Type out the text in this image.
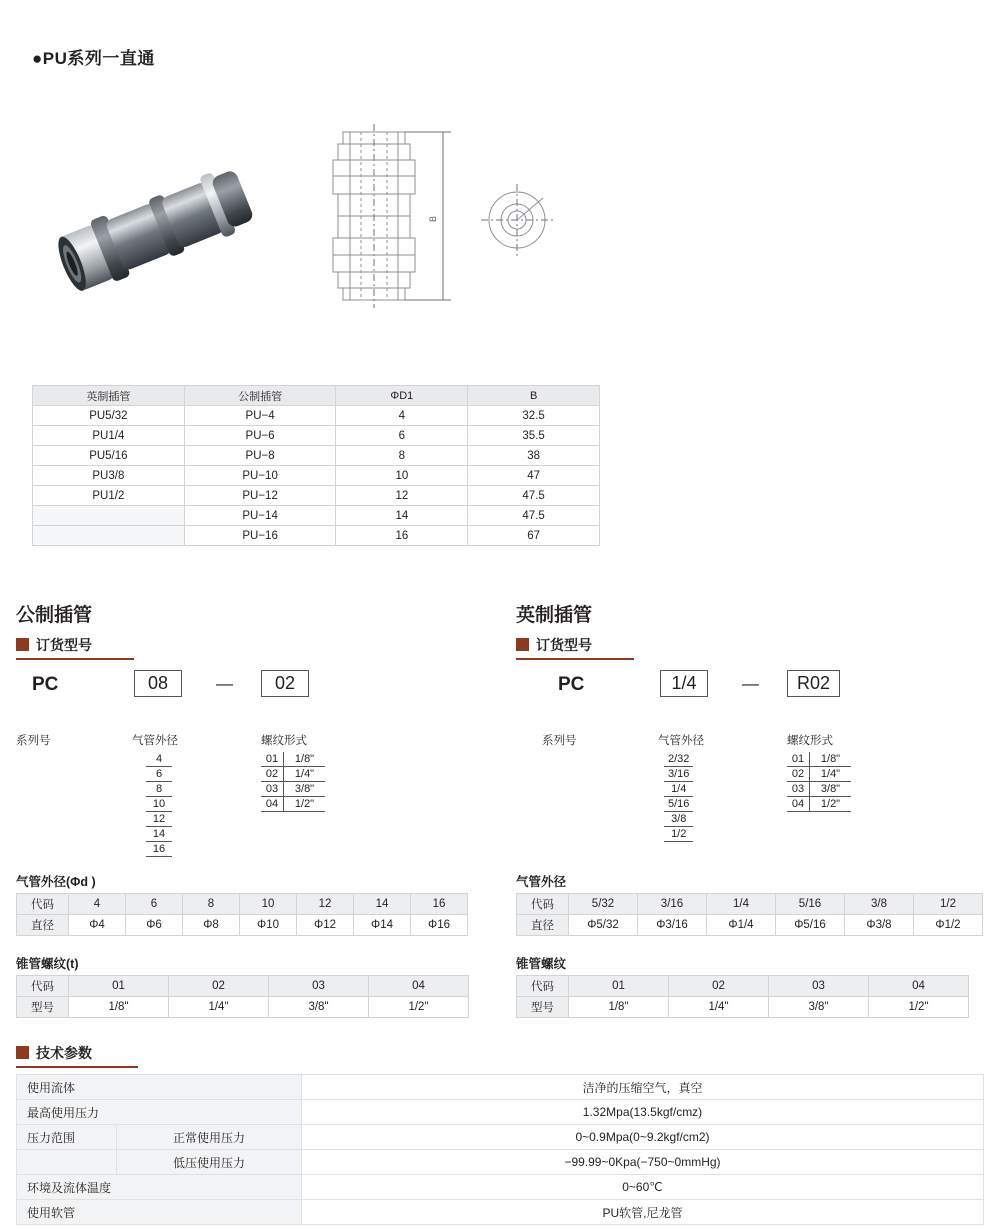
●PU系列一直通
B
英制插管	公制插管	ΦD1	B
PU5/32	PU−4	4	32.5
PU1/4	PU−6	6	35.5
PU5/16	PU−8	8	38
PU3/8	PU−10	10	47
PU1/2	PU−12	12	47.5
	PU−14	14	47.5
	PU−16	16	67
公制插管
订货型号
PC	08	—	02
系列号	气管外径	螺纹形式
4
6
8
10
12
14
16
01	1/8"
02	1/4"
03	3/8"
04	1/2"
气管外径(Φd )
代码	4	6	8	10	12	14	16
直径	Φ4	Φ6	Φ8	Φ10	Φ12	Φ14	Φ16
锥管螺纹(t)
代码	01	02	03	04
型号	1/8"	1/4"	3/8"	1/2"
英制插管
订货型号
PC	1/4	—	R02
系列号	气管外径	螺纹形式
2/32
3/16
1/4
5/16
3/8
1/2
01	1/8"
02	1/4"
03	3/8"
04	1/2"
气管外径
代码	5/32	3/16	1/4	5/16	3/8	1/2
直径	Φ5/32	Φ3/16	Φ1/4	Φ5/16	Φ3/8	Φ1/2
锥管螺纹
代码	01	02	03	04
型号	1/8"	1/4"	3/8"	1/2"
技术参数
使用流体		洁净的压缩空气，真空
最高使用压力		1.32Mpa(13.5kgf/cmz)
压力范围	正常使用压力	0~0.9Mpa(0~9.2kgf/cm2)
	低压使用压力	−99.99~0Kpa(−750~0mmHg)
环境及流体温度		0~60℃
使用软管		PU软管,尼龙管
